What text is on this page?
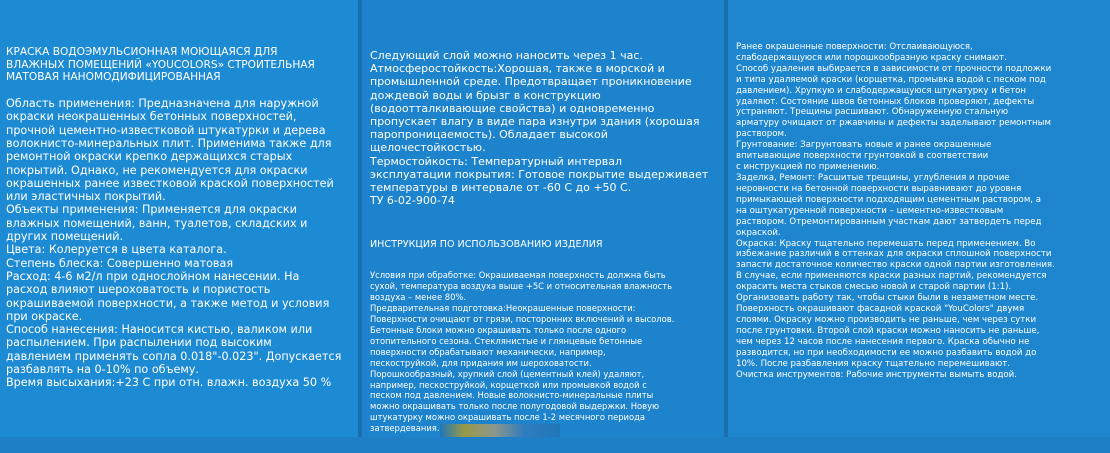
КРАСКА ВОДОЭМУЛЬСИОННАЯ МОЮЩАЯСЯ ДЛЯ
ВЛАЖНЫХ ПОМЕЩЕНИЙ «YOUCOLORS» СТРОИТЕЛЬНАЯ
МАТОВАЯ НАНОМОДИФИЦИРОВАННАЯ

Область применения: Предназначена для наружной
окраски неокрашенных бетонных поверхностей,
прочной цементно-известковой штукатурки и дерева
волокнисто-минеральных плит. Применима также для
ремонтной окраски крепко держащихся старых
покрытий. Однако, не рекомендуется для окраски
окрашенных ранее известковой краской поверхностей
или эластичных покрытий.
Объекты применения: Применяется для окраски
влажных помещений, ванн, туалетов, складских и
других помещений.
Цвета: Колеруется в цвета каталога.
Степень блеска: Совершенно матовая
Расход: 4-6 м2/л при однослойном нанесении. На
расход влияют шероховатость и пористость
окрашиваемой поверхности, а также метод и условия
при окраске.
Способ нанесения: Наносится кистью, валиком или
распылением. При распылении под высоким
давлением применять сопла 0.018"-0.023". Допускается
разбавлять на 0-10% по объему.
Время высыхания:+23 С при отн. влажн. воздуха 50 %

Следующий слой можно наносить через 1 час.
Атмосферостойкость:Хорошая, также в морской и
промышленной среде. Предотвращает проникновение
дождевой воды и брызг в конструкцию
(водоотталкивающие свойства) и одновременно
пропускает влагу в виде пара изнутри здания (хорошая
паропроницаемость). Обладает высокой
щелочестойкостью.
Термостойкость: Температурный интервал
эксплуатации покрытия: Готовое покрытие выдерживает
температуры в интервале от -60 С до +50 С.
ТУ 6-02-900-74

ИНСТРУКЦИЯ ПО ИСПОЛЬЗОВАНИЮ ИЗДЕЛИЯ

Условия при обработке: Окрашиваемая поверхность должна быть
сухой, температура воздуха выше +5С и относительная влажность
воздуха – менее 80%.
Предварительная подготовка:Неокрашенные поверхности:
Поверхности очищают от грязи, посторонних включений и высолов.
Бетонные блоки можно окрашивать только после одного
отопительного сезона. Стеклянистые и глянцевые бетонные
поверхности обрабатывают механически, например,
пескоструйкой, для придания им шероховатости.
Порошкообразный, хрупкий слой (цементный клей) удаляют,
например, пескоструйкой, корщеткой или промывкой водой с
песком под давлением. Новые волокнисто-минеральные плиты
можно окрашивать только после полугодовой выдержки. Новую
штукатурку можно окрашивать после 1-2 месячного периода
затвердевания.

Ранее окрашенные поверхности: Отслаивающуюся,
слабодержащуюся или порошкообразную краску снимают.
Способ удаления выбирается в зависимости от прочности подложки
и типа удаляемой краски (корщетка, промывка водой с песком под
давлением). Хрупкую и слабодержащуюся штукатурку и бетон
удаляют. Состояние швов бетонных блоков проверяют, дефекты
устраняют. Трещины расшивают. Обнаруженную стальную
арматуру очищают от ржавчины и дефекты заделывают ремонтным
раствором.
Грунтование: Загрунтовать новые и ранее окрашенные
впитывающие поверхности грунтовкой в соответствии
с инструкцией по применению.
Заделка, Ремонт: Расшитые трещины, углубления и прочие
неровности на бетонной поверхности выравнивают до уровня
примыкающей поверхности подходящим цементным раствором, а
на оштукатуренной поверхности – цементно-известковым
раствором. Отремонтированным участкам дают затвердеть перед
окраской.
Окраска: Краску тщательно перемешать перед применением. Во
избежание различий в оттенках для окраски сплошной поверхности
запасти достаточное количество краски одной партии изготовления.
В случае, если применяются краски разных партий, рекомендуется
окрасить места стыков смесью новой и старой партии (1:1).
Организовать работу так, чтобы стыки были в незаметном месте.
Поверхность окрашивают фасадной краской "YouColors" двумя
слоями. Окраску можно производить не раньше, чем через сутки
после грунтовки. Второй слой краски можно наносить не раньше,
чем через 12 часов после нанесения первого. Краска обычно не
разводится, но при необходимости ее можно разбавить водой до
10%. После разбавления краску тщательно перемешивают.
Очистка инструментов: Рабочие инструменты вымыть водой.
